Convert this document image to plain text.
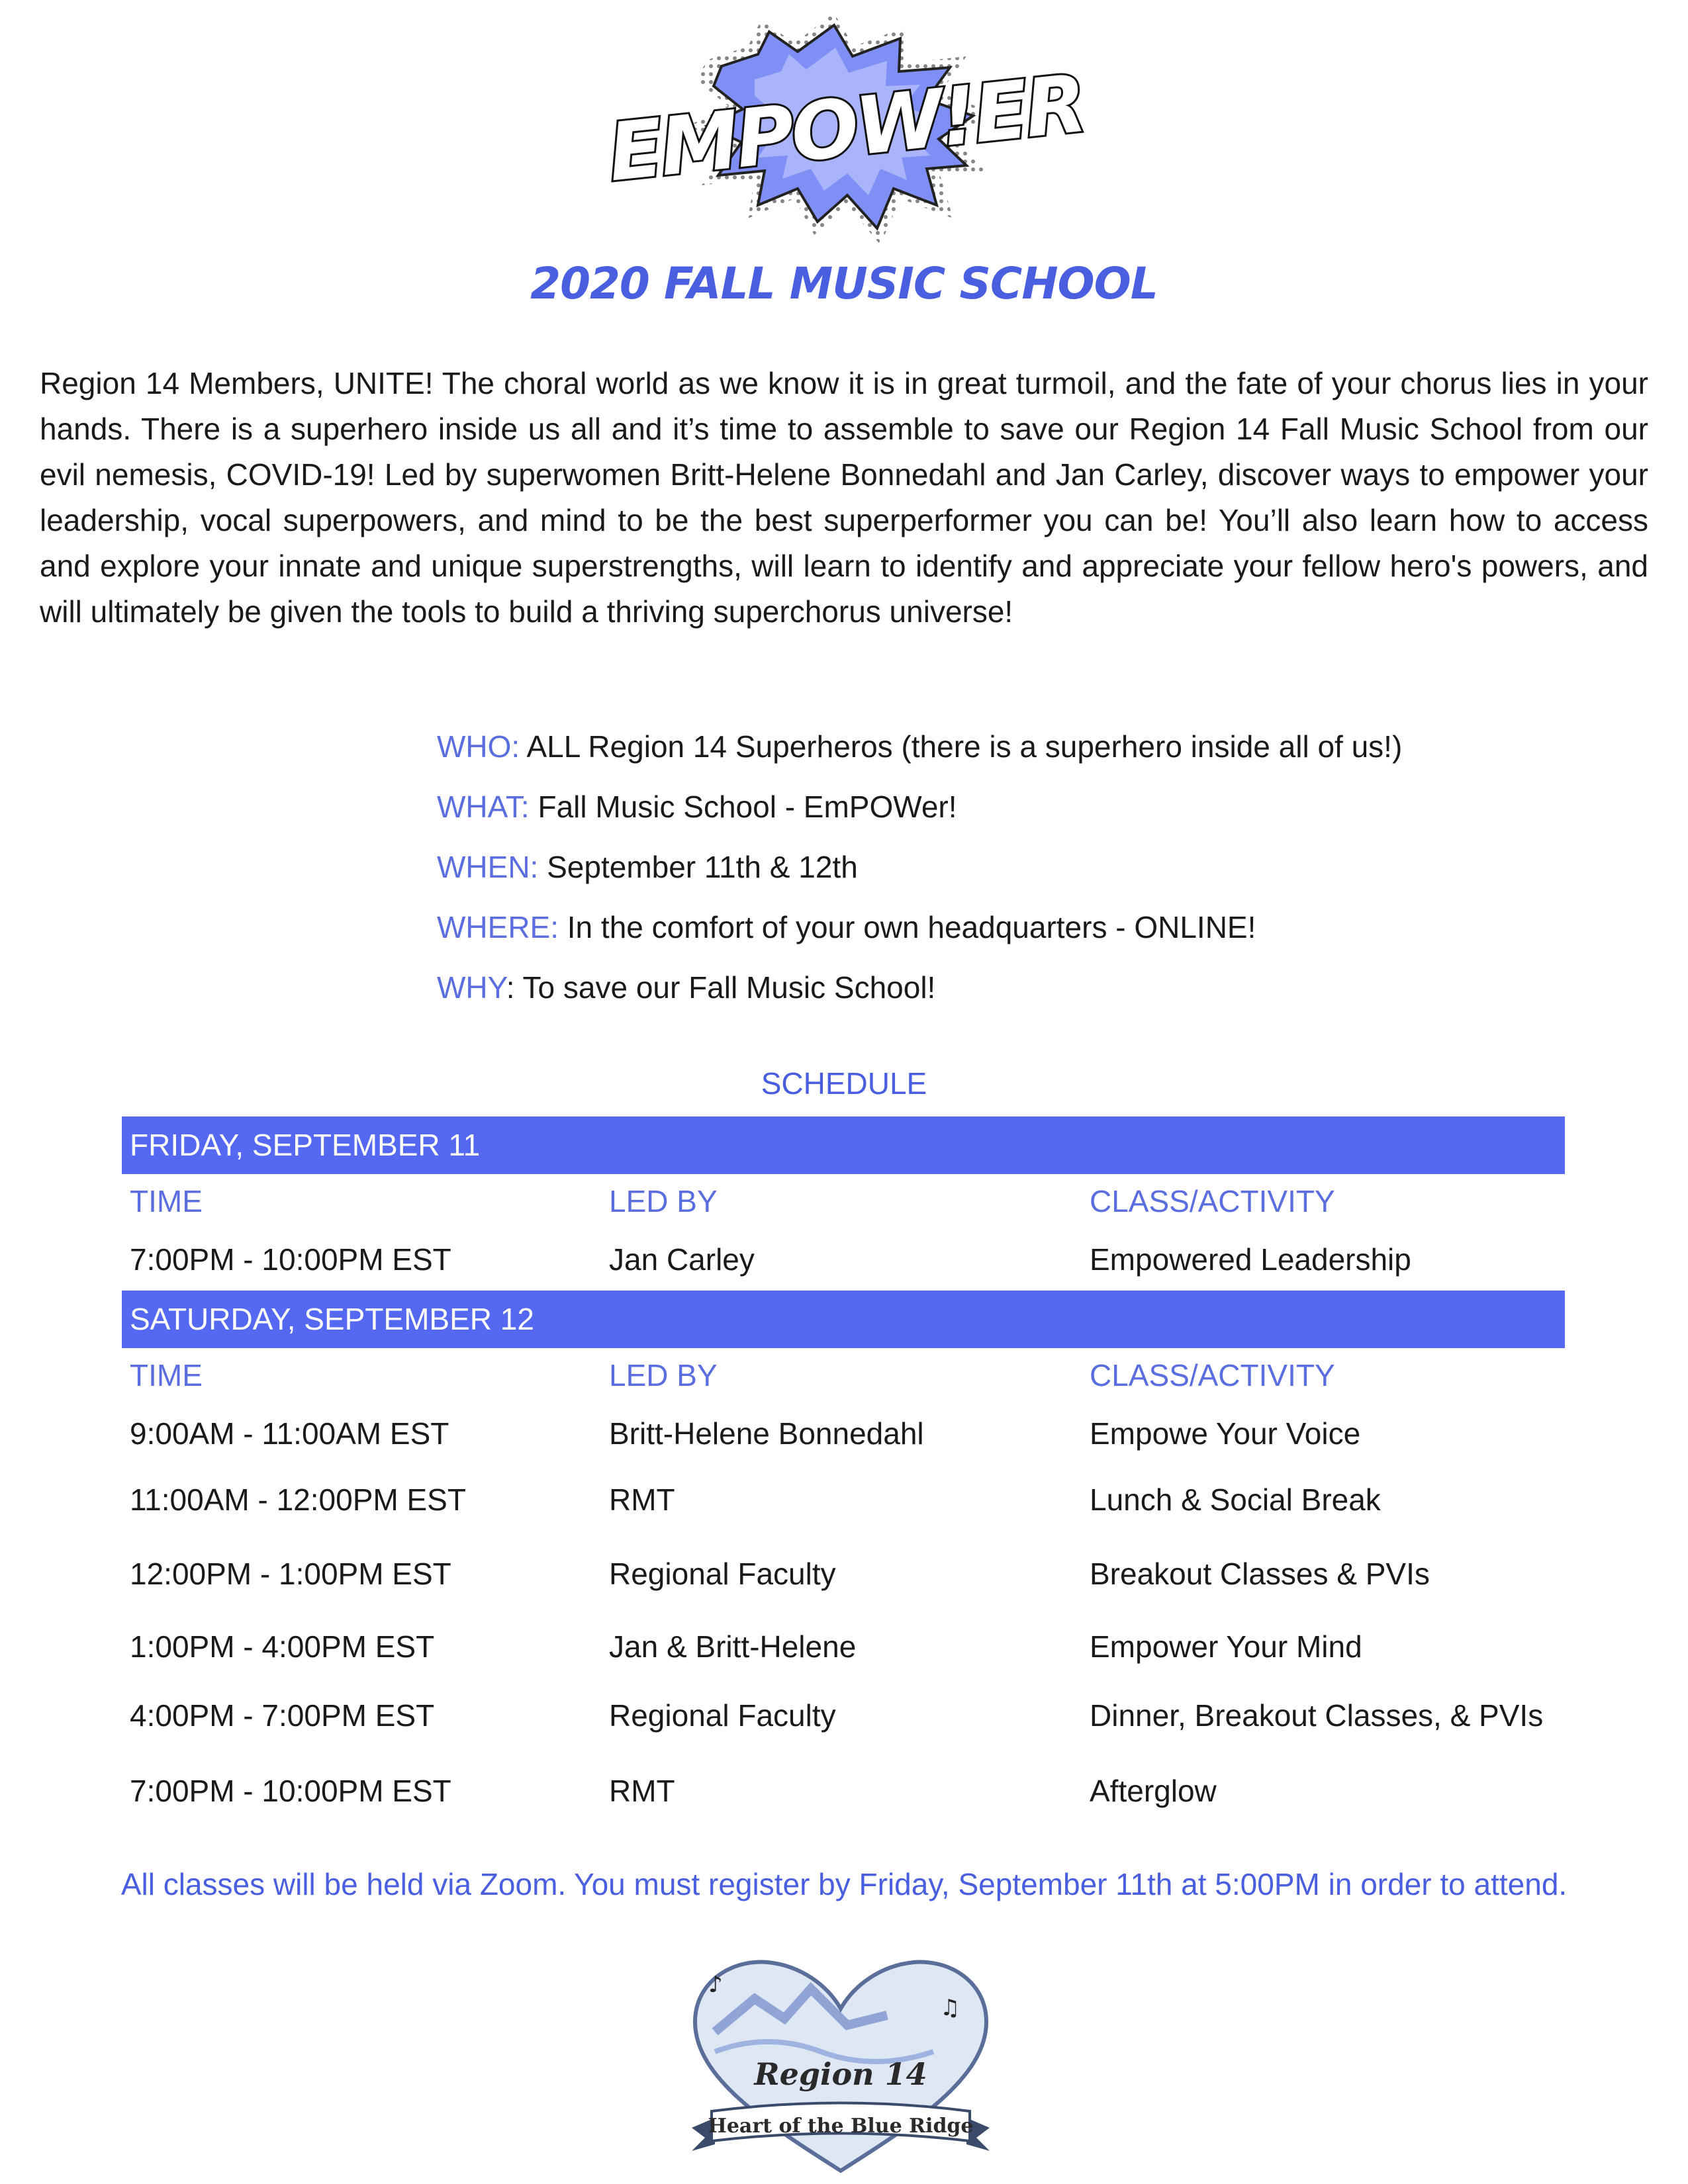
EMPOW!ER
2020 FALL MUSIC SCHOOL

Region 14 Members, UNITE! The choral world as we know it is in great turmoil, and the fate of your chorus lies in your hands. There is a superhero inside us all and it’s time to assemble to save our Region 14 Fall Music School from our evil nemesis, COVID-19! Led by superwomen Britt-Helene Bonnedahl and Jan Carley, discover ways to empower your leadership, vocal superpowers, and mind to be the best superperformer you can be! You’ll also learn how to access and explore your innate and unique superstrengths, will learn to identify and appreciate your fellow hero's powers, and will ultimately be given the tools to build a thriving superchorus universe!

WHO: ALL Region 14 Superheros (there is a superhero inside all of us!)
WHAT: Fall Music School - EmPOWer!
WHEN: September 11th & 12th
WHERE: In the comfort of your own headquarters - ONLINE!
WHY: To save our Fall Music School!
SCHEDULE
FRIDAY, SEPTEMBER 11
TIME	LED BY	CLASS/ACTIVITY
7:00PM - 10:00PM EST	Jan Carley	Empowered Leadership
SATURDAY, SEPTEMBER 12
TIME	LED BY	CLASS/ACTIVITY
9:00AM - 11:00AM EST	Britt-Helene Bonnedahl	Empowe Your Voice
11:00AM - 12:00PM EST	RMT	Lunch & Social Break
12:00PM - 1:00PM EST	Regional Faculty	Breakout Classes & PVIs
1:00PM - 4:00PM EST	Jan & Britt-Helene	Empower Your Mind
4:00PM - 7:00PM EST	Regional Faculty	Dinner, Breakout Classes, & PVIs
7:00PM - 10:00PM EST	RMT	Afterglow
All classes will be held via Zoom. You must register by Friday, September 11th at 5:00PM in order to attend.
♪
♫
Region 14
Heart of the Blue Ridge
